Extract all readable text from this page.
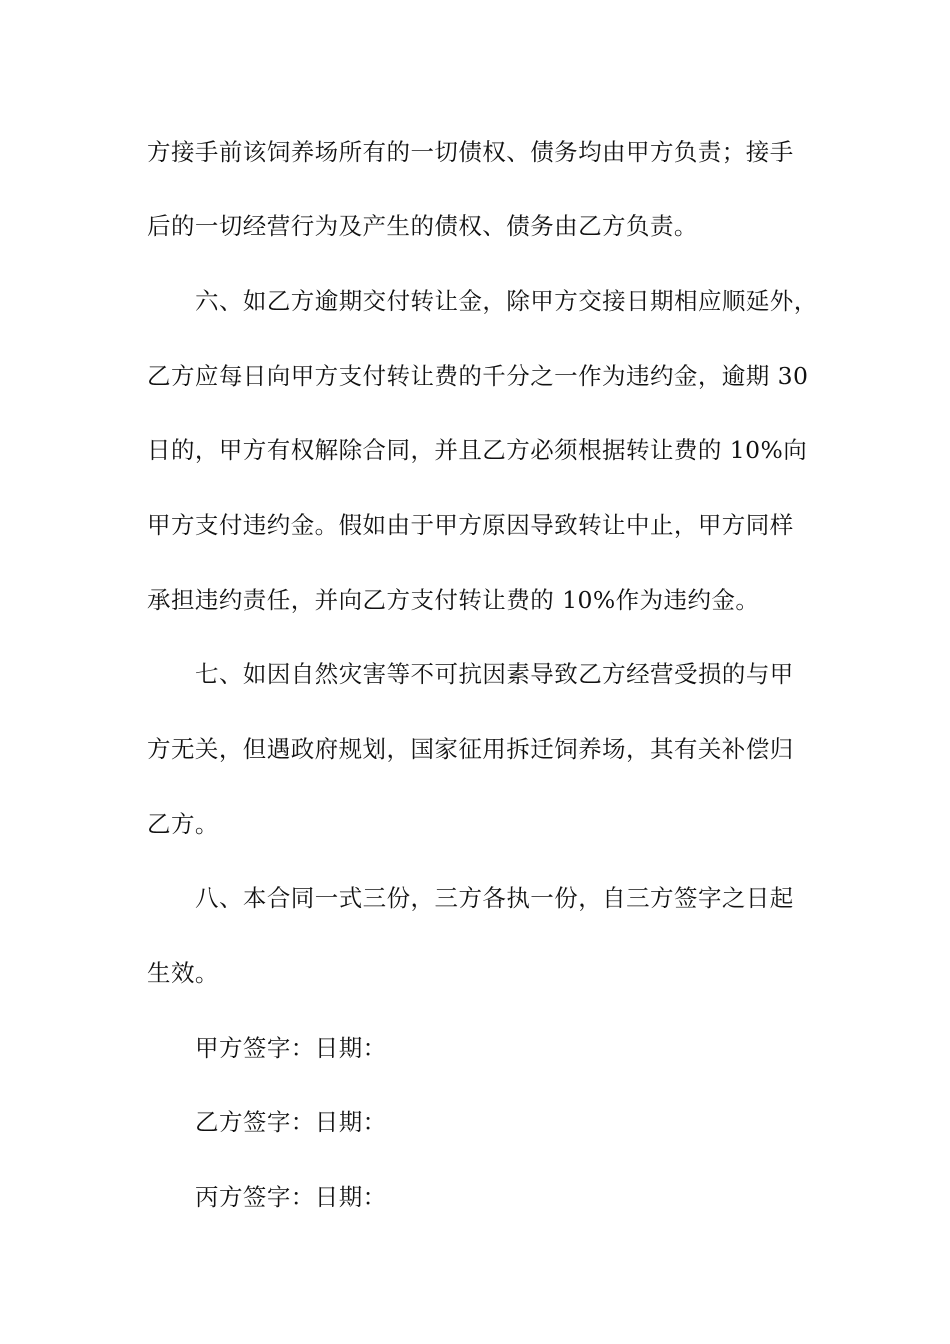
方接手前该饲养场所有的一切债权、债务均由甲方负责；接手
后的一切经营行为及产生的债权、债务由乙方负责。
六、如乙方逾期交付转让金，除甲方交接日期相应顺延外，
乙方应每日向甲方支付转让费的千分之一作为违约金，逾期 30
日的，甲方有权解除合同，并且乙方必须根据转让费的 10%向
甲方支付违约金。假如由于甲方原因导致转让中止，甲方同样
承担违约责任，并向乙方支付转让费的 10%作为违约金。
七、如因自然灾害等不可抗因素导致乙方经营受损的与甲
方无关，但遇政府规划，国家征用拆迁饲养场，其有关补偿归
乙方。
八、本合同一式三份，三方各执一份，自三方签字之日起
生效。
甲方签字：日期：
乙方签字：日期：
丙方签字：日期：
